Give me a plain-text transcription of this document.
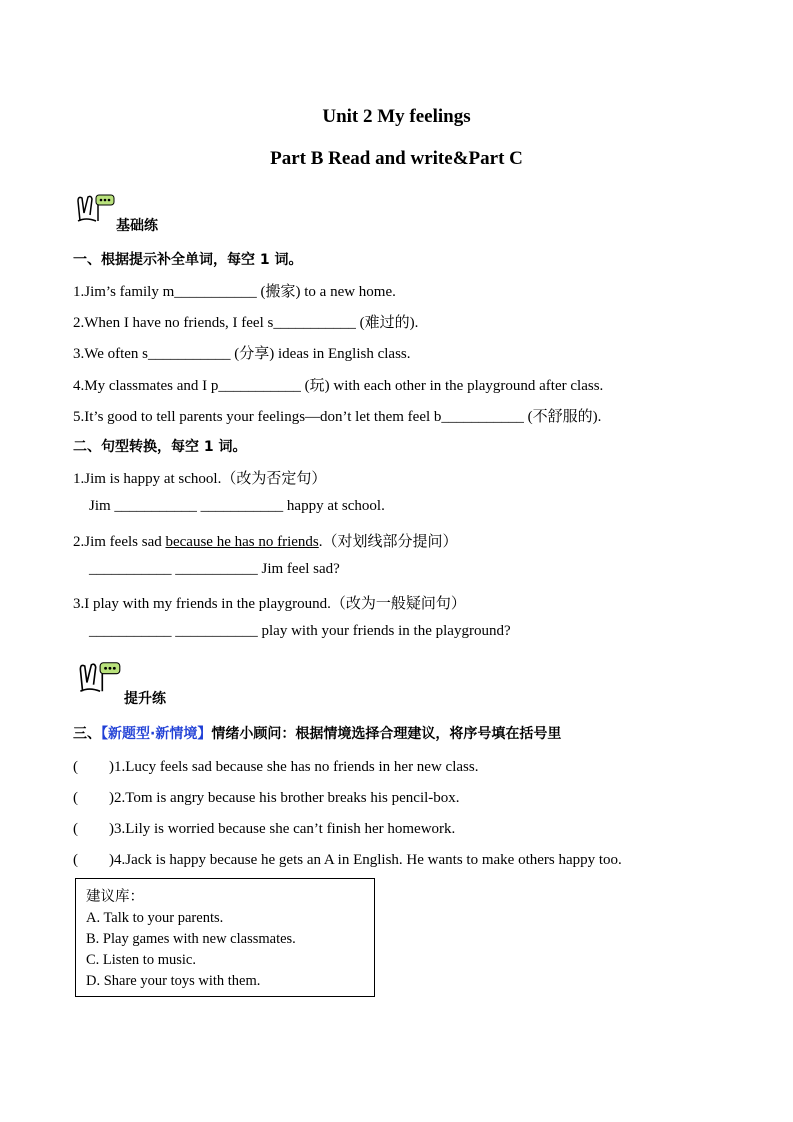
Unit 2 My feelings
Part B Read and write&Part C
基础练
一、根据提示补全单词，每空 1 词。
1.Jim’s family m___________ (搬家) to a new home.
2.When I have no friends, I feel s___________ (难过的).
3.We often s___________ (分享) ideas in English class.
4.My classmates and I p___________ (玩) with each other in the playground after class.
5.It’s good to tell parents your feelings—don’t let them feel b___________ (不舒服的).
二、句型转换，每空 1 词。
1.Jim is happy at school.（改为否定句）
Jim ___________ ___________ happy at school.
2.Jim feels sad because he has no friends.（对划线部分提问）
___________ ___________ Jim feel sad?
3.I play with my friends in the playground.（改为一般疑问句）
___________ ___________ play with your friends in the playground?
提升练
三、【新题型·新情境】情绪小顾问：根据情境选择合理建议，将序号填在括号里
( )1.Lucy feels sad because she has no friends in her new class.
( )2.Tom is angry because his brother breaks his pencil-box.
( )3.Lily is worried because she can’t finish her homework.
( )4.Jack is happy because he gets an A in English. He wants to make others happy too.
建议库：
A. Talk to your parents.
B. Play games with new classmates.
C. Listen to music.
D. Share your toys with them.
